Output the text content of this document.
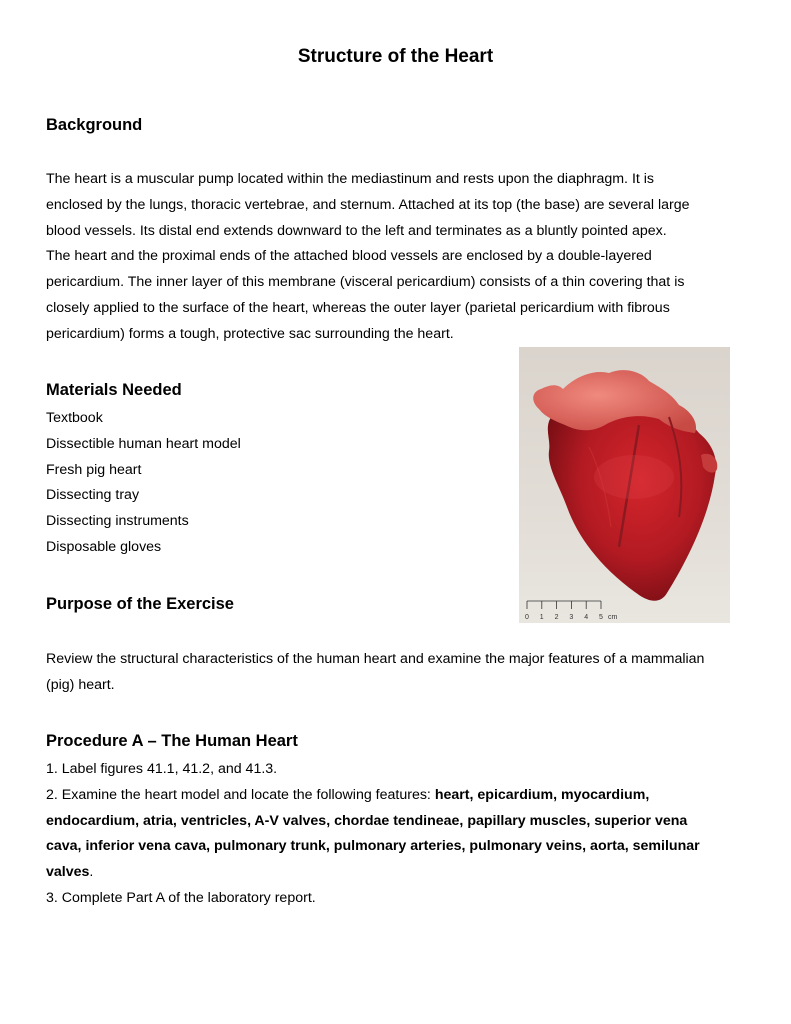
Structure of the Heart
Background
The heart is a muscular pump located within the mediastinum and rests upon the diaphragm. It is
enclosed by the lungs, thoracic vertebrae, and sternum. Attached at its top (the base) are several large
blood vessels. Its distal end extends downward to the left and terminates as a bluntly pointed apex.
The heart and the proximal ends of the attached blood vessels are enclosed by a double-layered
pericardium. The inner layer of this membrane (visceral pericardium) consists of a thin covering that is
closely applied to the surface of the heart, whereas the outer layer (parietal pericardium with fibrous
pericardium) forms a tough, protective sac surrounding the heart.
Materials Needed
Textbook
Dissectible human heart model
Fresh pig heart
Dissecting tray
Dissecting instruments
Disposable gloves
0 1 2 3 4 5 cm
Purpose of the Exercise
Review the structural characteristics of the human heart and examine the major features of a mammalian
(pig) heart.
Procedure A – The Human Heart
1. Label figures 41.1, 41.2, and 41.3.
2. Examine the heart model and locate the following features: heart, epicardium, myocardium,
endocardium, atria, ventricles, A-V valves, chordae tendineae, papillary muscles, superior vena
cava, inferior vena cava, pulmonary trunk, pulmonary arteries, pulmonary veins, aorta, semilunar
valves.
3. Complete Part A of the laboratory report.
